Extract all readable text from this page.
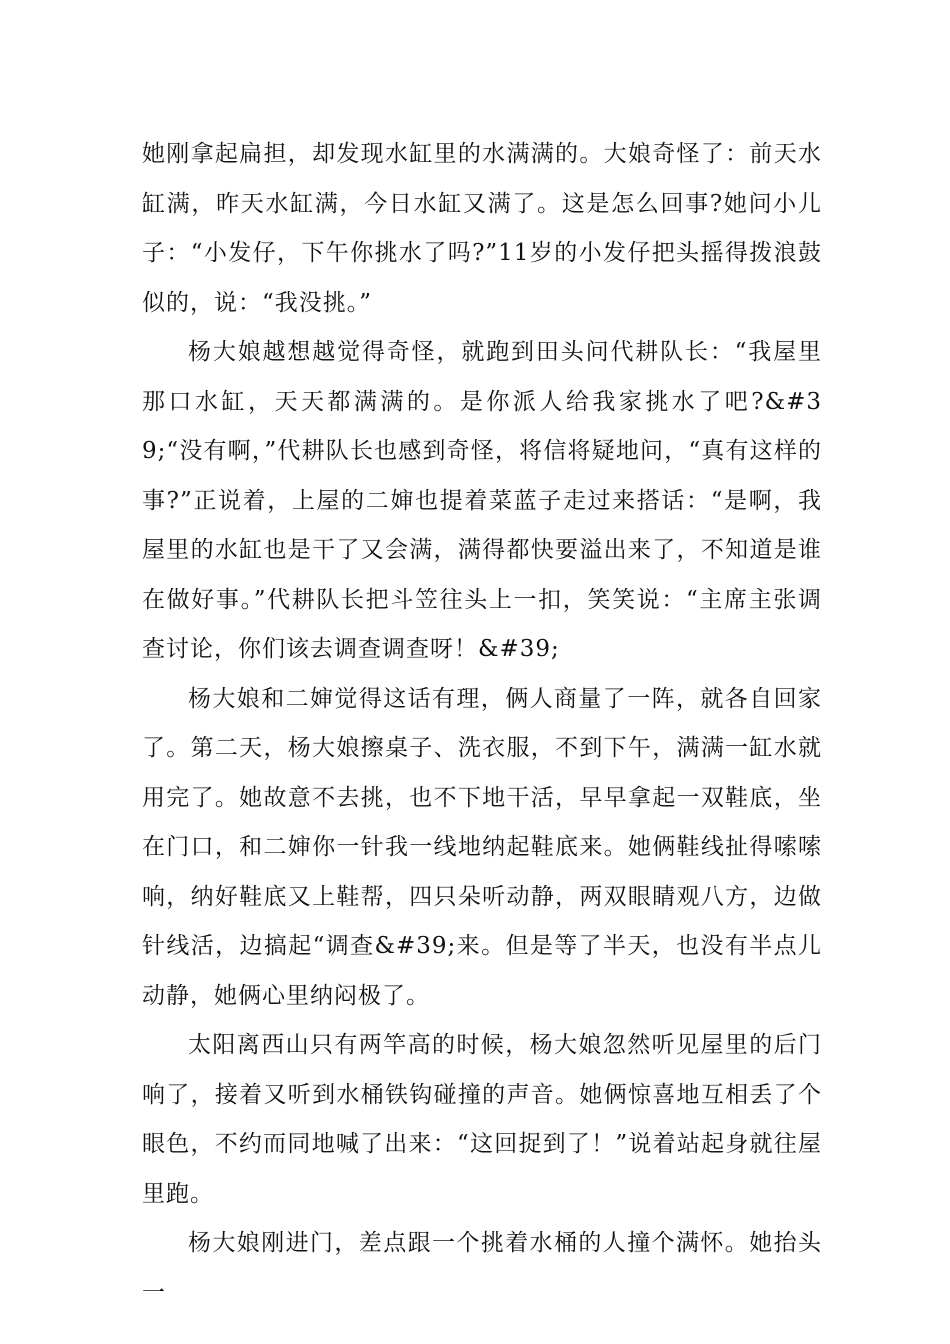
她刚拿起扁担，却发现水缸里的水满满的。大娘奇怪了：前天水缸满，昨天水缸满，今日水缸又满了。这是怎么回事?她问小儿子：“小发仔，下午你挑水了吗?”11岁的小发仔把头摇得拨浪鼓似的，说：“我没挑。”

杨大娘越想越觉得奇怪，就跑到田头问代耕队长：“我屋里那口水缸，天天都满满的。是你派人给我家挑水了吧?&#39;“没有啊，”代耕队长也感到奇怪，将信将疑地问，“真有这样的事?”正说着，上屋的二婶也提着菜蓝子走过来搭话：“是啊，我屋里的水缸也是干了又会满，满得都快要溢出来了，不知道是谁在做好事。”代耕队长把斗笠往头上一扣，笑笑说：“主席主张调查讨论，你们该去调查调查呀！&#39;

杨大娘和二婶觉得这话有理，俩人商量了一阵，就各自回家了。第二天，杨大娘擦桌子、洗衣服，不到下午，满满一缸水就用完了。她故意不去挑，也不下地干活，早早拿起一双鞋底，坐在门口，和二婶你一针我一线地纳起鞋底来。她俩鞋线扯得嗦嗦响，纳好鞋底又上鞋帮，四只朵听动静，两双眼睛观八方，边做针线活，边搞起“调查&#39;来。但是等了半天，也没有半点儿动静，她俩心里纳闷极了。

太阳离西山只有两竿高的时候，杨大娘忽然听见屋里的后门响了，接着又听到水桶铁钩碰撞的声音。她俩惊喜地互相丢了个眼色，不约而同地喊了出来：“这回捉到了！”说着站起身就往屋里跑。

杨大娘刚进门，差点跟一个挑着水桶的人撞个满怀。她抬头一
